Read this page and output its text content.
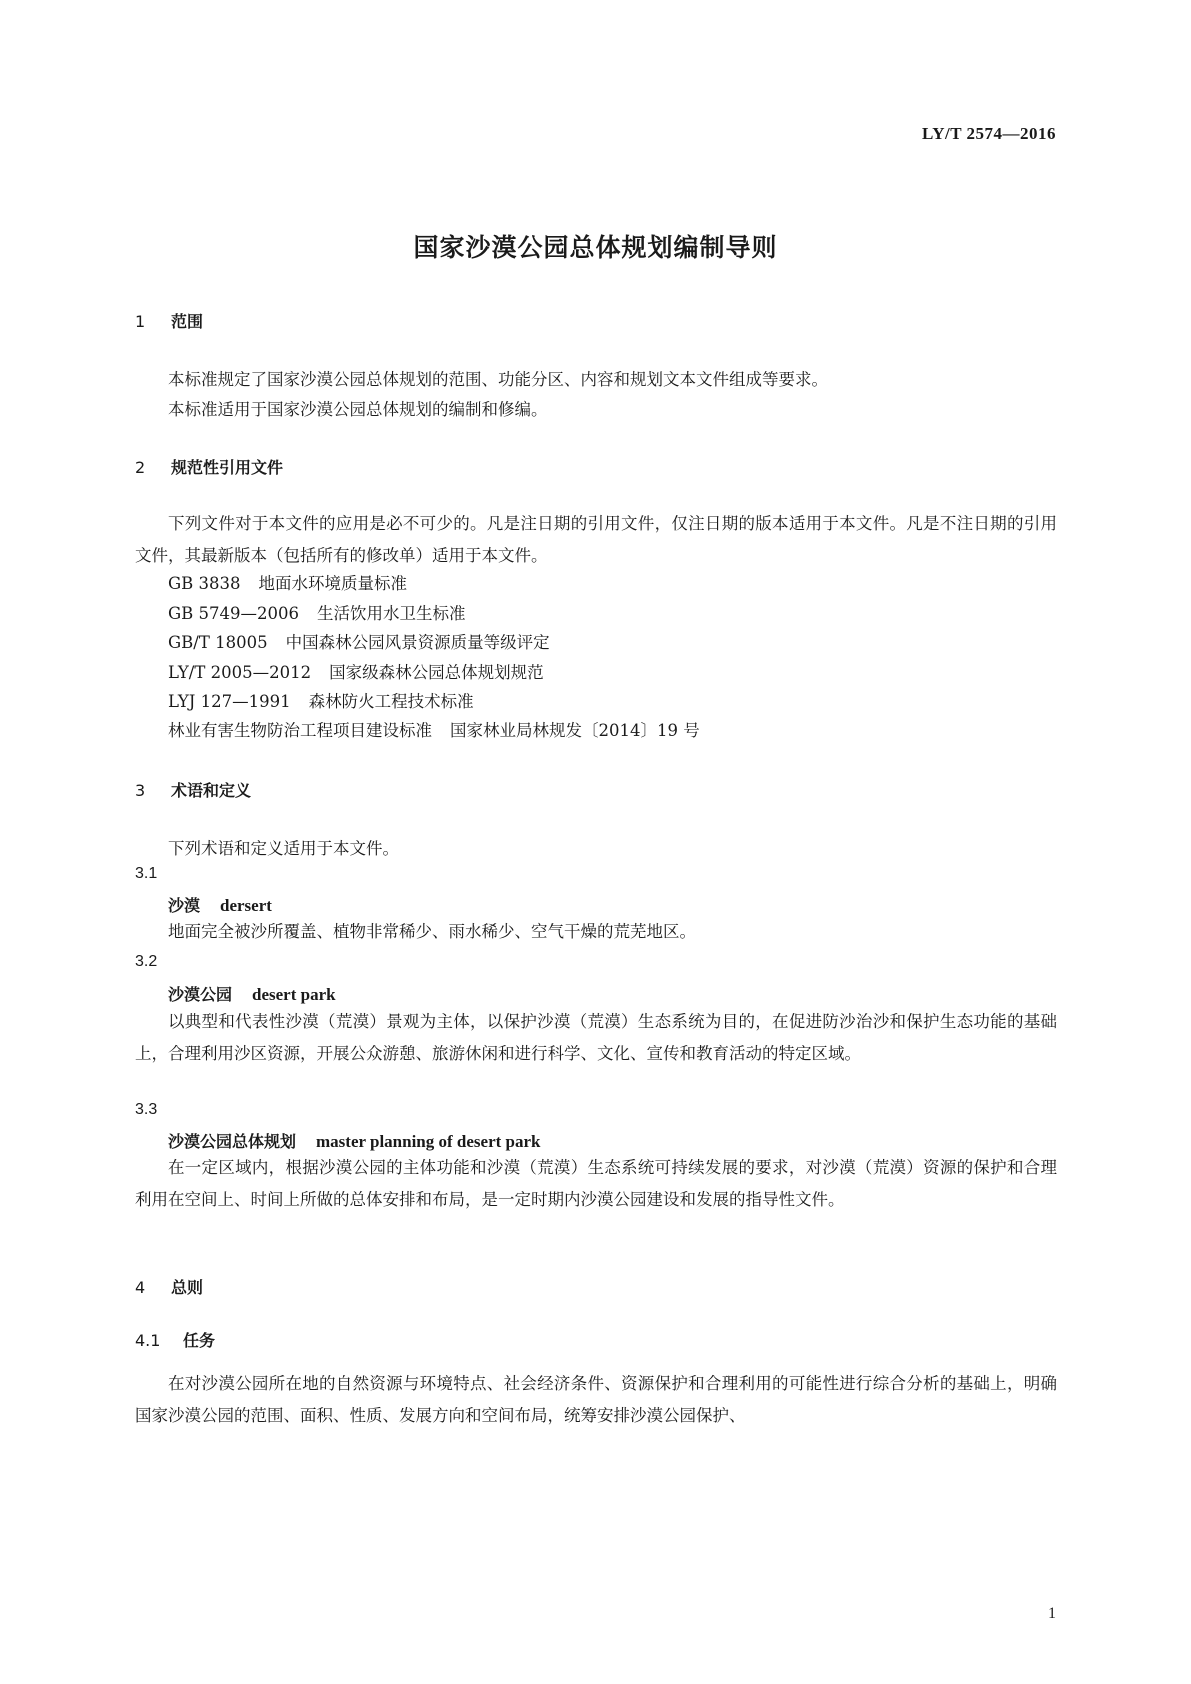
LY/T 2574—2016
国家沙漠公园总体规划编制导则
1 范围

本标准规定了国家沙漠公园总体规划的范围、功能分区、内容和规划文本文件组成等要求。

本标准适用于国家沙漠公园总体规划的编制和修编。

2 规范性引用文件

下列文件对于本文件的应用是必不可少的。凡是注日期的引用文件，仅注日期的版本适用于本文件。凡是不注日期的引用文件，其最新版本（包括所有的修改单）适用于本文件。

GB 3838 地面水环境质量标准
GB 5749—2006 生活饮用水卫生标准
GB/T 18005 中国森林公园风景资源质量等级评定
LY/T 2005—2012 国家级森林公园总体规划规范
LYJ 127—1991 森林防火工程技术标准
林业有害生物防治工程项目建设标准 国家林业局林规发〔2014〕19 号
3 术语和定义

下列术语和定义适用于本文件。

3.1
沙漠 dersert

地面完全被沙所覆盖、植物非常稀少、雨水稀少、空气干燥的荒芜地区。

3.2
沙漠公园 desert park

以典型和代表性沙漠（荒漠）景观为主体，以保护沙漠（荒漠）生态系统为目的，在促进防沙治沙和保护生态功能的基础上，合理利用沙区资源，开展公众游憩、旅游休闲和进行科学、文化、宣传和教育活动的特定区域。

3.3
沙漠公园总体规划 master planning of desert park

在一定区域内，根据沙漠公园的主体功能和沙漠（荒漠）生态系统可持续发展的要求，对沙漠（荒漠）资源的保护和合理利用在空间上、时间上所做的总体安排和布局，是一定时期内沙漠公园建设和发展的指导性文件。

4 总则
4.1 任务

在对沙漠公园所在地的自然资源与环境特点、社会经济条件、资源保护和合理利用的可能性进行综合分析的基础上，明确国家沙漠公园的范围、面积、性质、发展方向和空间布局，统筹安排沙漠公园保护、

1
